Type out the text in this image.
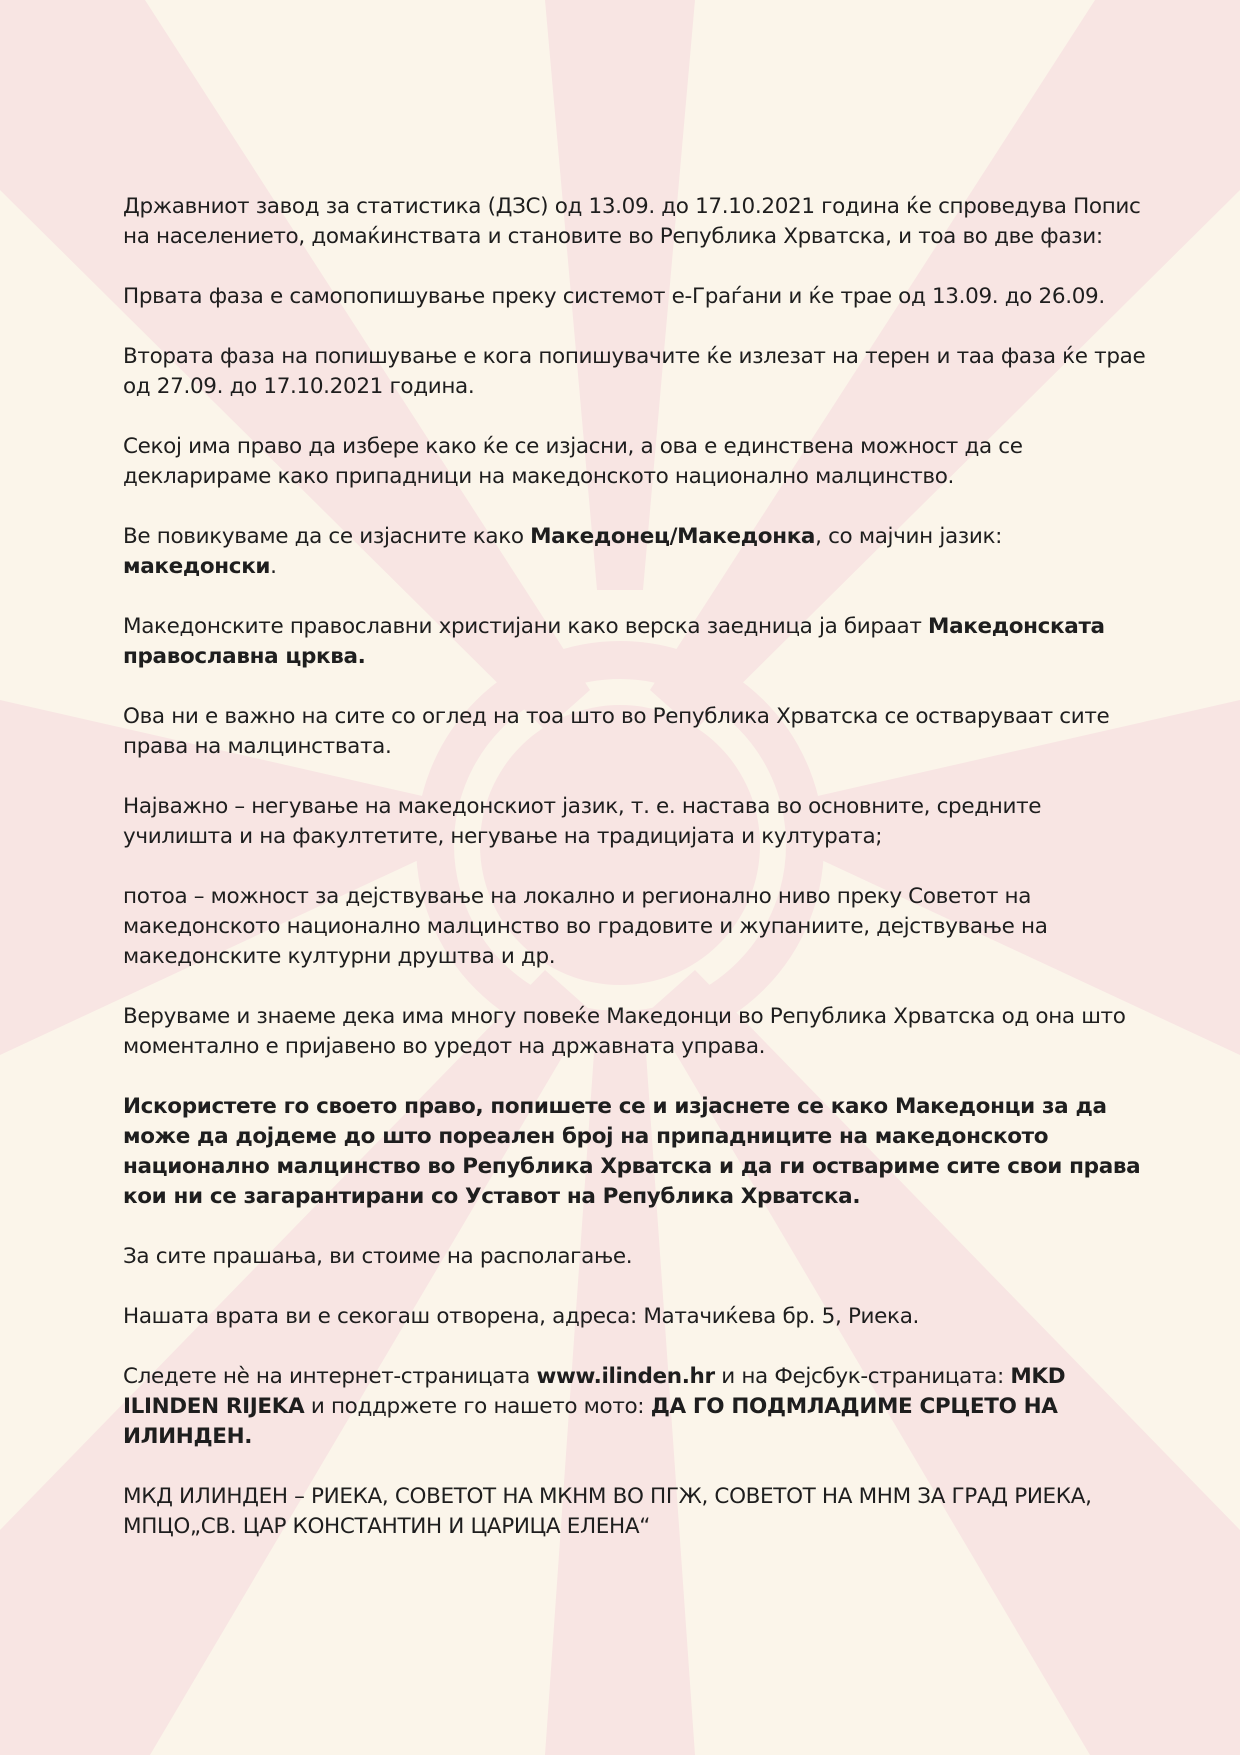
Државниот завод за статистика (ДЗС) од 13.09. до 17.10.2021 година ќе спроведува Попис на населението, домаќинствата и становите во Република Хрватска, и тоа во две фази:

Првата фаза е самопопишување преку системот е-Граѓани и ќе трае од 13.09. до 26.09.

Втората фаза на попишување е кога попишувачите ќе излезат на терен и таа фаза ќе трае од 27.09. до 17.10.2021 година.

Секој има право да избере како ќе се изјасни, а ова е единствена можност да се декларираме како припадници на македонското национално малцинство.

Ве повикуваме да се изјасните како Македонец/Македонка, со мајчин јазик: македонски.

Македонските православни христијани како верска заедница ја бираат Македонската православна црква.

Ова ни е важно на сите со оглед на тоа што во Република Хрватска се остваруваат сите права на малцинствата.

Најважно – негување на македонскиот јазик, т. е. настава во основните, средните училишта и на факултетите, негување на традицијата и културата;

потоа – можност за дејствување на локално и регионално ниво преку Советот на македонското национално малцинство во градовите и жупаниите, дејствување на македонските културни друштва и др.

Веруваме и знаеме дека има многу повеќе Македонци во Република Хрватска од она што моментално е пријавено во уредот на државната управа.

Искористете го своето право, попишете се и изјаснете се како Македонци за да може да дојдеме до што пореален број на припадниците на македонското национално малцинство во Република Хрватска и да ги оствариме сите свои права кои ни се загарантирани со Уставот на Република Хрватска.

За сите прашања, ви стоиме на располагање.

Нашата врата ви е секогаш отворена, адреса: Матачиќева бр. 5, Риека.

Следете нѐ на интернет-страницата www.ilinden.hr и на Фејсбук-страницата: MKD ILINDEN RIJEKA и поддржете го нашето мото: ДА ГО ПОДМЛАДИМЕ СРЦЕТО НА ИЛИНДЕН.

МКД ИЛИНДЕН – РИЕКА, СОВЕТОТ НА МКНМ ВО ПГЖ, СОВЕТОТ НА МНМ ЗА ГРАД РИЕКА, МПЦО„СВ. ЦАР КОНСТАНТИН И ЦАРИЦА ЕЛЕНА“
